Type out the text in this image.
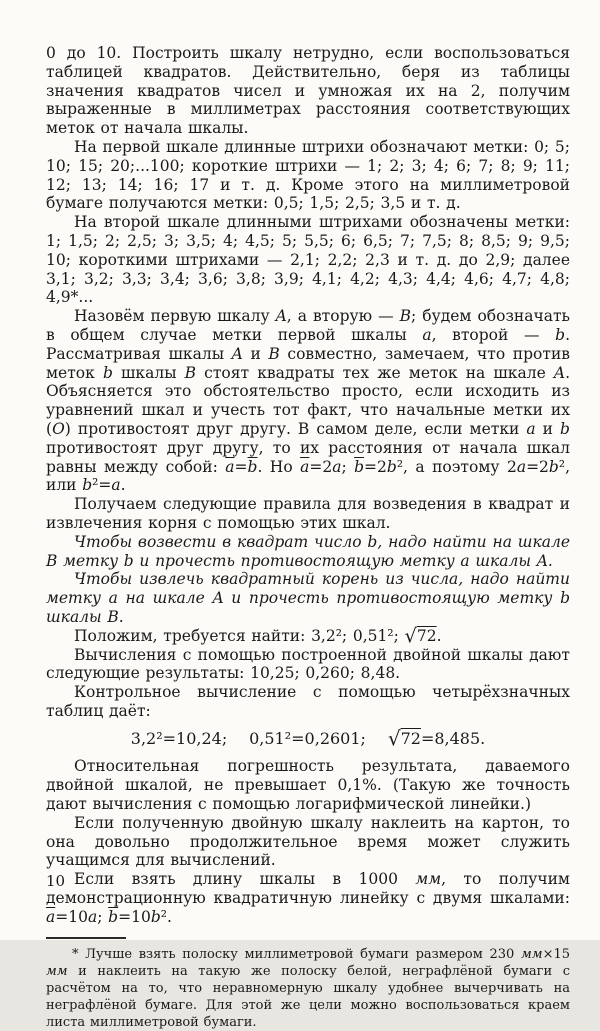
0 до 10. Построить шкалу нетрудно, если воспользоваться таблицей квадратов. Действительно, беря из таблицы значения квадратов чисел и умножая их на 2, получим выраженные в миллиметрах расстояния соответствующих меток от начала шкалы.

На первой шкале длинные штрихи обозначают метки: 0; 5; 10; 15; 20;...100; короткие штрихи — 1; 2; 3; 4; 6; 7; 8; 9; 11; 12; 13; 14; 16; 17 и т. д. Кроме этого на миллиметровой бумаге получаются метки: 0,5; 1,5; 2,5; 3,5 и т. д.

На второй шкале длинными штрихами обозначены метки: 1; 1,5; 2; 2,5; 3; 3,5; 4; 4,5; 5; 5,5; 6; 6,5; 7; 7,5; 8; 8,5; 9; 9,5; 10; короткими штрихами — 2,1; 2,2; 2,3 и т. д. до 2,9; далее 3,1; 3,2; 3,3; 3,4; 3,6; 3,8; 3,9; 4,1; 4,2; 4,3; 4,4; 4,6; 4,7; 4,8; 4,9*...

Назовём первую шкалу A, а вторую — B; будем обозначать в общем случае метки первой шкалы a, второй — b. Рассматривая шкалы A и B совместно, замечаем, что против меток b шкалы B стоят квадраты тех же меток на шкале A. Объясняется это обстоятельство просто, если исходить из уравнений шкал и учесть тот факт, что начальные метки их (O) противостоят друг другу. В самом деле, если метки a и b противостоят друг другу, то их расстояния от начала шкал равны между собой: $\overline{a}=\overline{b}$. Но $\overline{a}=2a$; $\overline{b}=2b^2$, а поэтому 2a=2b², или b²=a.

Получаем следующие правила для возведения в квадрат и извлечения корня с помощью этих шкал.

Чтобы возвести в квадрат число b, надо найти на шкале B метку b и прочесть противостоящую метку a шкалы A.

Чтобы извлечь квадратный корень из числа, надо найти метку a на шкале A и прочесть противостоящую метку b шкалы B.

Положим, требуется найти: 3,2²; 0,51²; √72.

Вычисления с помощью построенной двойной шкалы дают следующие результаты: 10,25; 0,260; 8,48.

Контрольное вычисление с помощью четырёхзначных таблиц даёт:

3,2²=10,24;  0,51²=0,2601;  √72=8,485.

Относительная погрешность результата, даваемого двойной шкалой, не превышает 0,1%. (Такую же точность дают вычисления с помощью логарифмической линейки.)

Если полученную двойную шкалу наклеить на картон, то она довольно продолжительное время может служить учащимся для вычислений.

Если взять длину шкалы в 1000 мм, то получим демонстрационную квадратичную линейку с двумя шкалами: $\overline{a}=10a$; $\overline{b}=10b^2$.

* Лучше взять полоску миллиметровой бумаги размером 230 мм×15 мм и наклеить на такую же полоску белой, неграфлёной бумаги с расчётом на то, что неравномерную шкалу удобнее вычерчивать на неграфлёной бумаге. Для этой же цели можно воспользоваться краем листа миллиметровой бумаги.

10
